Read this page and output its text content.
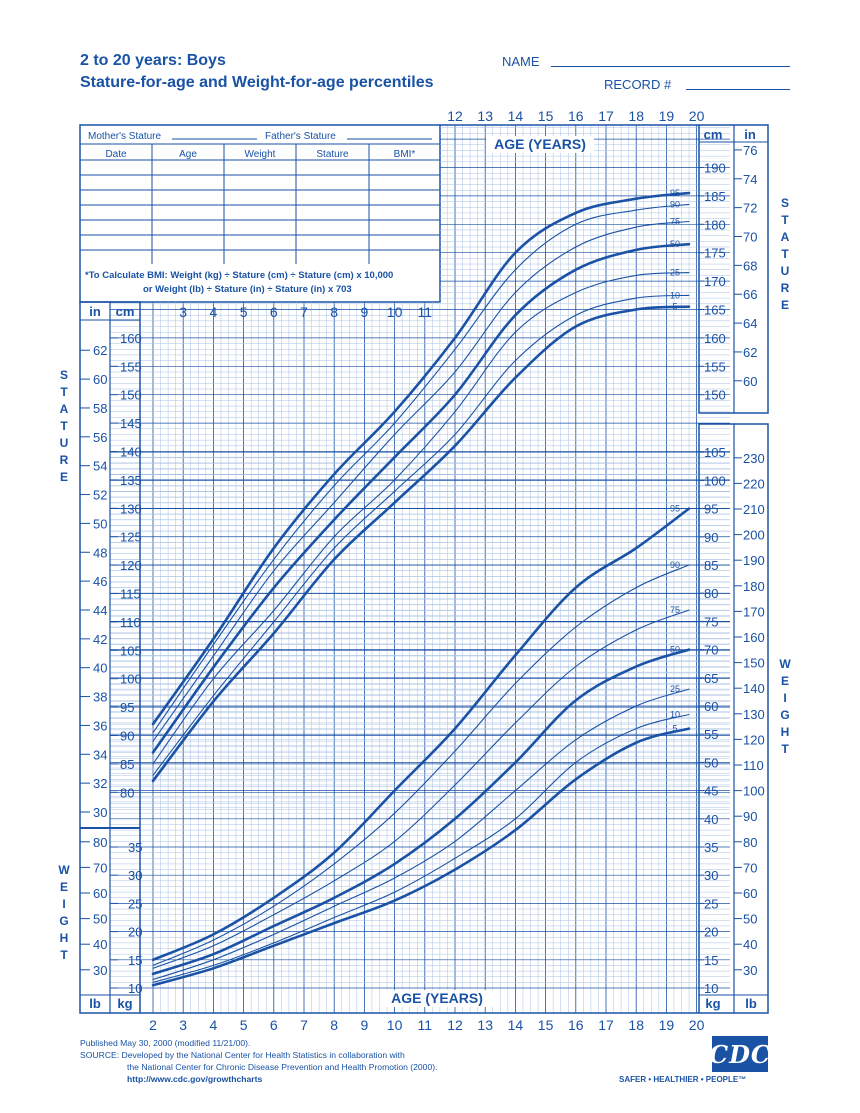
2 to 20 years: Boys
Stature-for-age and Weight-for-age percentiles
NAME
RECORD #
Mother's Stature	Father's Stature
Date	Age	Weight	Stature	BMI*
*To Calculate BMI: Weight (kg) ÷ Stature (cm) ÷ Stature (cm) x 10,000
or Weight (lb) ÷ Stature (in) ÷ Stature (in) x 703
in cm
cm in
lb kg	kg lb
80
85
90
95
100
105
110
115
120
125
130
135
140
145
150
155
160
150
155
160
165
170
175
180
185
190
30
32
34
36
38
40
42
44
46
48
50
52
54
56
58
60
62
60
62
64
66
68
70
72
74
76
10	10
15	15
20	20
25	25
30	30
35	35
40
45
50
55
60
65
70
75
80
85
90
95
100
105
30
40
50
60
70
80
30
40
50
60
70
80
90
100
110
120
130
140
150
160
170
180
190
200
210
220
230
2 3
3
4
4
5
5
6
6
7
7
8
8
9
9
10
10
11
11
12
12
13
13
14
14
15
15
16
16
17
17
18
18
19
19
20
20
AGE (YEARS)
AGE (YEARS)
5
10
25
50
75
90
95
5
10
25
50
75
90
95
S
T
A
T
U
R
E
W
E
I
G
H
T
S
T
A
T
U
R
E
W
E
I
G
H
T
Published May 30, 2000 (modified 11/21/00).
SOURCE: Developed by the National Center for Health Statistics in collaboration with
the National Center for Chronic Disease Prevention and Health Promotion (2000).
http://www.cdc.gov/growthcharts
CDC
SAFER • HEALTHIER • PEOPLE™
